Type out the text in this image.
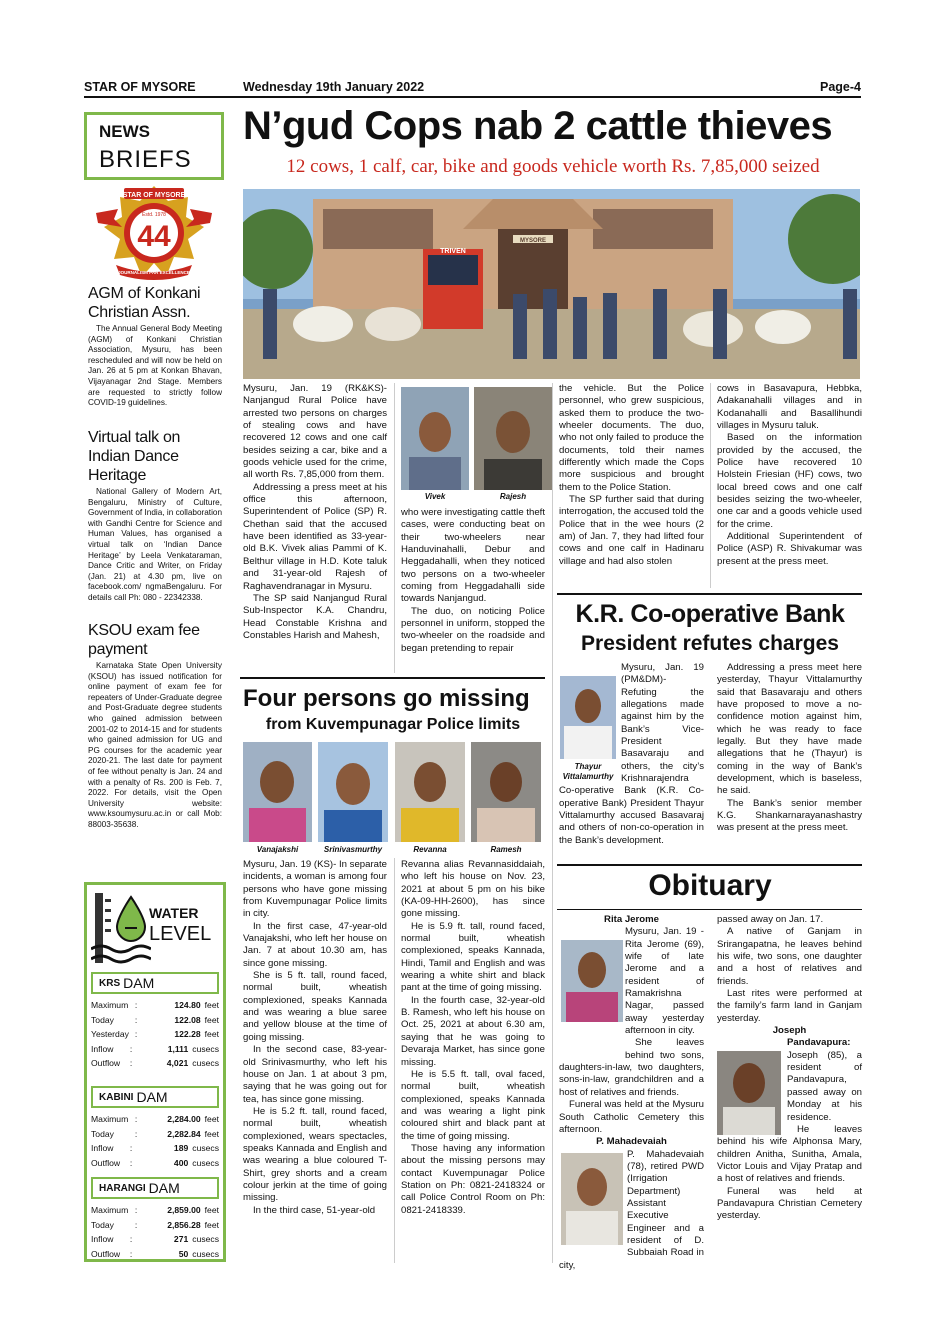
STAR OF MYSORE	Wednesday 19th January 2022	Page-4
NEWS
BRIEFS
STAR OF MYSORE
Estd. 1978
44
JOURNALISM PAR EXCELLENCE
AGM of Konkani Christian Assn.
The Annual General Body Meeting (AGM) of Konkani Christian Association, Mysuru, has been rescheduled and will now be held on Jan. 26 at 5 pm at Konkan Bhavan, Vijayanagar 2nd Stage. Members are requested to strictly follow COVID-19 guidelines.
Virtual talk on Indian Dance Heritage
National Gallery of Modern Art, Bengaluru, Ministry of Culture, Government of India, in collaboration with Gandhi Centre for Science and Human Values, has organised a virtual talk on ‘Indian Dance Heritage’ by Leela Venkataraman, Dance Critic and Writer, on Friday (Jan. 21) at 4.30 pm, live on facebook.com/ ngmaBengaluru. For details call Ph: 080 - 22342338.
KSOU exam fee payment
Karnataka State Open University (KSOU) has issued notification for online payment of exam fee for repeaters of Under-Graduate degree and Post-Graduate degree students who gained admission between 2001-02 to 2014-15 and for students who gained admission for UG and PG courses for the academic year 2020-21. The last date for payment of fee without penalty is Jan. 24 and with a penalty of Rs. 200 is Feb. 7, 2022. For details, visit the Open University website: www.ksoumysuru.ac.in or call Mob: 88003-35638.
WATER
LEVEL
KRS DAM
Maximum :	124.80 feet
Today	:	122.08 feet
Yesterday :	122.28 feet
Inflow	:	1,111 cusecs
Outflow	:	4,021 cusecs
KABINI DAM
Maximum :	2,284.00 feet
Today	:	2,282.84 feet
Inflow	:	189 cusecs
Outflow	:	400 cusecs
HARANGI DAM
Maximum :	2,859.00 feet
Today	:	2,856.28 feet
Inflow	:	271 cusecs
Outflow	:	50 cusecs
N’gud Cops nab 2 cattle thieves
12 cows, 1 calf, car, bike and goods vehicle worth Rs. 7,85,000 seized
TRIVEN
MYSORE

Mysuru, Jan. 19 (RK&KS)- Nanjangud Rural Police have arrested two persons on charges of stealing cows and have recovered 12 cows and one calf besides seizing a car, bike and a goods vehicle used for the crime, all worth Rs. 7,85,000 from them.

Addressing a press meet at his office this afternoon, Superintendent of Police (SP) R. Chethan said that the accused have been identified as 33-year-old B.K. Vivek alias Pammi of K. Belthur village in H.D. Kote taluk and 31-year-old Rajesh of Raghavendranagar in Mysuru.

The SP said Nanjangud Rural Sub-Inspector K.A. Chandru, Head Constable Krishna and Constables Harish and Mahesh,

Vivek	Rajesh

who were investigating cattle theft cases, were conducting beat on their two-wheelers near Handuvinahalli, Debur and Heggadahalli, when they noticed two persons on a two-wheeler coming from Heggadahalli side towards Nanjangud.

The duo, on noticing Police personnel in uniform, stopped the two-wheeler on the roadside and began pretending to repair

the vehicle. But the Police personnel, who grew suspicious, asked them to produce the two-wheeler documents. The duo, who not only failed to produce the documents, told their names differently which made the Cops more suspicious and brought them to the Police Station.

The SP further said that during interrogation, the accused told the Police that in the wee hours (2 am) of Jan. 7, they had lifted four cows and one calf in Hadinaru village and had also stolen

cows in Basavapura, Hebbka, Adakanahalli villages and in Kodanahalli and Basallihundi villages in Mysuru taluk.

Based on the information provided by the accused, the Police have recovered 10 Holstein Friesian (HF) cows, two local breed cows and one calf besides seizing the two-wheeler, one car and a goods vehicle used for the crime.

Additional Superintendent of Police (ASP) R. Shivakumar was present at the press meet.

Four persons go missing
from Kuvempunagar Police limits
Vanajakshi	Srinivasmurthy	Revanna	Ramesh

Mysuru, Jan. 19 (KS)- In separate incidents, a woman is among four persons who have gone missing from Kuvempunagar Police limits in city.

In the first case, 47-year-old Vanajakshi, who left her house on Jan. 7 at about 10.30 am, has since gone missing.

She is 5 ft. tall, round faced, normal built, wheatish complexioned, speaks Kannada and was wearing a blue saree and yellow blouse at the time of going missing.

In the second case, 83-year-old Srinivasmurthy, who left his house on Jan. 1 at about 3 pm, saying that he was going out for tea, has since gone missing.

He is 5.2 ft. tall, round faced, normal built, wheatish complexioned, wears spectacles, speaks Kannada and English and was wearing a blue coloured T-Shirt, grey shorts and a cream colour jerkin at the time of going missing.

In the third case, 51-year-old

Revanna alias Revannasiddaiah, who left his house on Nov. 23, 2021 at about 5 pm on his bike (KA-09-HH-2600), has since gone missing.

He is 5.9 ft. tall, round faced, normal built, wheatish complexioned, speaks Kannada, Hindi, Tamil and English and was wearing a white shirt and black pant at the time of going missing.

In the fourth case, 32-year-old B. Ramesh, who left his house on Oct. 25, 2021 at about 6.30 am, saying that he was going to Devaraja Market, has since gone missing.

He is 5.5 ft. tall, oval faced, normal built, wheatish complexioned, speaks Kannada and was wearing a light pink coloured shirt and black pant at the time of going missing.

Those having any information about the missing persons may contact Kuvempunagar Police Station on Ph: 0821-2418324 or call Police Control Room on Ph: 0821-2418339.

K.R. Co-operative Bank
President refutes charges
Thayur Vittalamurthy
Mysuru, Jan. 19 (PM&DM)- Refuting the allegations made against him by the Bank’s Vice-President Basavaraju and others, the city’s Krishnarajendra Co-operative Bank (K.R. Co-operative Bank) President Thayur Vittalamurthy accused Basavaraj and others of non-co-operation in the Bank’s development.

Addressing a press meet here yesterday, Thayur Vittalamurthy said that Basavaraju and others have proposed to move a no-confidence motion against him, which he was ready to face legally. But they have made allegations that he (Thayur) is coming in the way of Bank’s development, which is baseless, he said.

The Bank’s senior member K.G. Shankarnarayanashastry was present at the press meet.

Obituary
Rita Jerome

Mysuru, Jan. 19 - Rita Jerome (69), wife of late Jerome and a resident of Ramakrishna Nagar, passed away yesterday afternoon in city.

She leaves behind two sons, daughters-in-law, two daughters, sons-in-law, grandchildren and a host of relatives and friends.

Funeral was held at the Mysuru South Catholic Cemetery this afternoon.

P. Mahadevaiah

P. Mahadevaiah (78), retired PWD (Irrigation Department) Assistant Executive Engineer and a resident of D. Subbaiah Road in city,

passed away on Jan. 17.

A native of Ganjam in Srirangapatna, he leaves behind his wife, two sons, one daughter and a host of relatives and friends.

Last rites were performed at the family’s farm land in Ganjam yesterday.

Joseph

Pandavapura: Joseph (85), a resident of Pandavapura, passed away on Monday at his residence.

He leaves behind his wife Alphonsa Mary, children Anitha, Sunitha, Amala, Victor Louis and Vijay Pratap and a host of relatives and friends.

Funeral was held at Pandavapura Christian Cemetery yesterday.
